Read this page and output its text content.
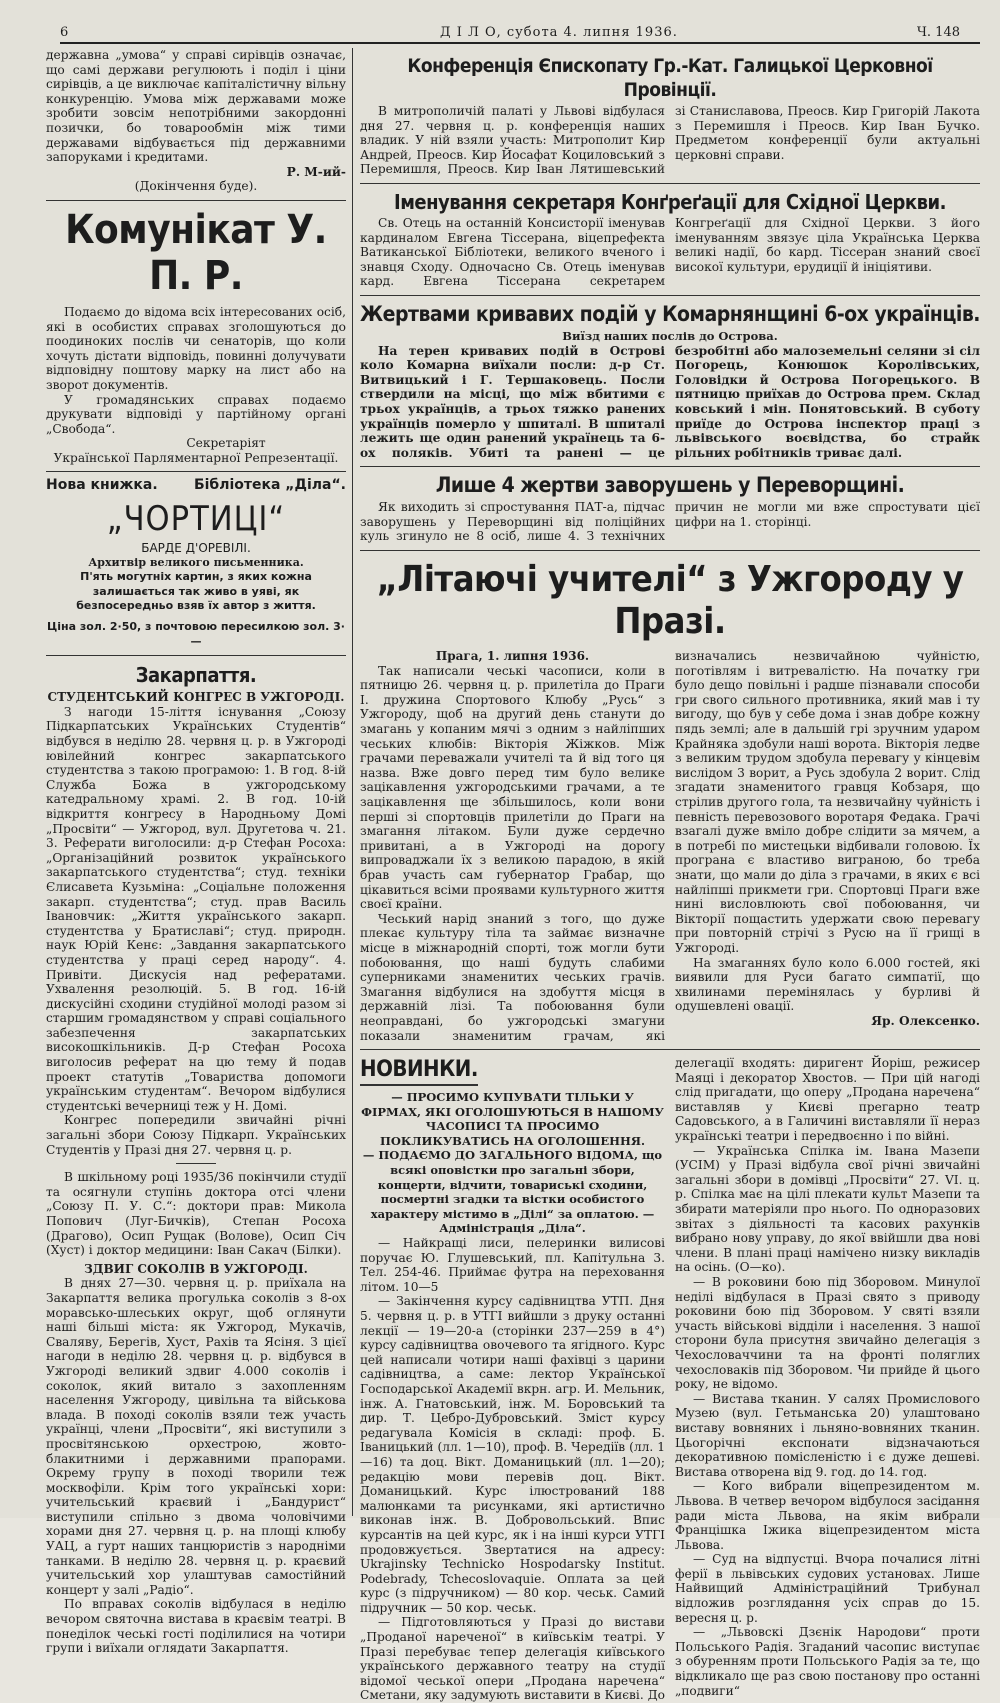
6	Д І Л О, субота 4. липня 1936.	Ч. 148

державна „умова“ у справі сирівців означає, що самі держави регулюють і поділ і ціни сирівців, а це виключає капіталістичну вільну конкуренцію. Умова між державами може зробити зовсім непотрібними закордонні позички, бо товарообмін між тими державами відбувається під державними запоруками і кредитами.

Р. М-ий-

(Докінчення буде).

Комунікат У. П. Р.

Подаємо до відома всіх інтересованих осіб, які в особистих справах зголошуються до поодиноких послів чи сенаторів, що коли хочуть дістати відповідь, повинні долучувати відповідну поштову марку на лист або на зворот документів.

У громадянських справах подаємо друкувати відповіді у партійному органі „Свобода“.

Секретаріят

Української Парляментарної Репрезентації.

Нова книжка.	Бібліотека „Діла“.
„ЧОРТИЦІ“

БАРДЕ Д'ОРЕВІЛІ.

Архитвір великого письменника.

П'ять могутніх картин, з яких кожна залишається так живо в уяві, як безпосередньо взяв їх автор з життя.

Ціна зол. 2·50, з почтовою пересилкою зол. 3·—

Закарпаття.

СТУДЕНТСЬКИЙ КОНГРЕС В УЖГОРОДІ.

З нагоди 15-ліття існування „Союзу Підкарпатських Українських Студентів“ відбувся в неділю 28. червня ц. р. в Ужгороді ювілейний конгрес закарпатського студентства з такою програмою: 1. В год. 8-ій Служба Божа в ужгородському катедральному храмі. 2. В год. 10-ій відкриття конгресу в Народньому Домі „Просвіти“ — Ужгород, вул. Другетова ч. 21. 3. Реферати виголосили: д-р Стефан Росоха: „Організаційний розвиток українського закарпатського студентства“; студ. техніки Єлисавета Кузьміна: „Соціальне положення закарп. студентства“; студ. прав Василь Івановчик: „Життя українського закарп. студентства у Братиславі“; студ. природн. наук Юрій Кенє: „Завдання закарпатського студентства у праці серед народу“. 4. Привіти. Дискусія над рефератами. Ухвалення резолюцій. 5. В год. 16-ій дискусійні сходини студійної молоді разом зі старшим громадянством у справі соціального забезпечення закарпатських високошкільників. Д-р Стефан Росоха виголосив реферат на цю тему й подав проект статутів „Товариства допомоги українським студентам“. Вечором відбулися студентські вечерниці теж у Н. Домі.

Конгрес попередили звичайні річні загальні збори Союзу Підкарп. Українських Студентів у Празі дня 27. червня ц. р.

В шкільному році 1935/36 покінчили студії та осягнули ступінь доктора отсі члени „Союзу П. У. С.“: доктори прав: Микола Попович (Луг-Бичків), Степан Росоха (Драгово), Осип Рущак (Волове), Осип Січ (Хуст) і доктор медицини: Іван Сакач (Білки).

ЗДВИГ СОКОЛІВ В УЖГОРОДІ.

В днях 27—30. червня ц. р. приїхала на Закарпаття велика прогулька соколів з 8-ох моравсько-шлеських округ, щоб оглянути наші більші міста: як Ужгород, Мукачів, Сваляву, Берегів, Хуст, Рахів та Ясіня. З цієї нагоди в неділю 28. червня ц. р. відбувся в Ужгороді великий здвиг 4.000 соколів і соколок, який витало з захопленням населення Ужгороду, цивільна та військова влада. В поході соколів взяли теж участь українці, члени „Просвіти“, які виступили з просвітянською орхестрою, жовто-блакитними і державними прапорами. Окрему групу в поході творили теж москвофіли. Крім того українські хори: учительський краєвий і „Бандурист“ виступили спільно з двома чоловічими хорами дня 27. червня ц. р. на площі клюбу УАЦ, а гурт наших танцюристів з народніми танками. В неділю 28. червня ц. р. краєвий учительський хор улаштував самостійний концерт у залі „Радіо“.

По вправах соколів відбулася в неділю вечором святочна вистава в краєвім театрі. В понеділок чеські гості поділилися на чотири групи і виїхали оглядати Закарпаття.

Конференція Єпископату Гр.-Кат. Галицької Церковної Провінції.

В митрополичій палаті у Львові відбулася дня 27. червня ц. р. конференція наших владик. У ній взяли участь: Митрополит Кир Андрей, Преосв. Кир Йосафат Коциловський з Перемишля, Преосв. Кир Іван Лятишевський зі Станиславова, Преосв. Кир Григорій Лакота з Перемишля і Преосв. Кир Іван Бучко. Предметом конференції були актуальні церковні справи.

Іменування секретаря Конґреґації для Східної Церкви.

Св. Отець на останній Консисторії іменував кардиналом Евгена Тіссерана, віцепрефекта Ватиканської Бібліотеки, великого вченого і знавця Сходу. Одночасно Св. Отець іменував кард. Евгена Тіссерана секретарем Конгреґації для Східної Церкви. З його іменуванням звязує ціла Українська Церква великі надії, бо кард. Тіссеран знаний своєї високої культури, ерудиції й ініціятиви.

Жертвами кривавих подій у Комарнянщині 6-ох українців.

Виїзд наших послів до Острова.

На терен кривавих подій в Острові коло Комарна виїхали посли: д-р Ст. Витвицький і Г. Тершаковець. Посли ствердили на місці, що між вбитими є трьох українців, а трьох тяжко ранених українців померло у шпиталі. В шпиталі лежить ще один ранений українець та 6-ох поляків. Убиті та ранені — це безробітні або малоземельні селяни зі сіл Погорець, Конюшок Королівських, Головідки й Острова Погорецького. В пятницю приїхав до Острова прем. Склад ковський і мін. Понятовський. В суботу приїде до Острова інспектор праці з львівського воєвідства, бо страйк рільних робітників триває далі.

Лише 4 жертви заворушень у Переворщині.

Як виходить зі спростування ПАТ-а, підчас заворушень у Переворщині від поліційних куль згинуло не 8 осіб, лише 4. З технічних причин не могли ми вже спростувати цієї цифри на 1. сторінці.

„Літаючі учителі“ з Ужгороду у Празі.

Прага, 1. липня 1936.

Так написали чеські часописи, коли в пятницю 26. червня ц. р. прилетіла до Праги І. дружина Спортового Клюбу „Русь“ з Ужгороду, щоб на другий день станути до змагань у копаним мячі з одним з найліпших чеських клюбів: Вікторія Жіжков. Між грачами переважали учителі та й від того ця назва. Вже довго перед тим було велике зацікавлення ужгородськими грачами, а те зацікавлення ще збільшилось, коли вони перші зі спортовців прилетіли до Праги на змагання літаком. Були дуже сердечно привитані, а в Ужгороді на дорогу випроваджали їх з великою парадою, в якій брав участь сам губернатор Грабар, що цікавиться всіми проявами культурного життя своєї країни.

Чеський нарід знаний з того, що дуже плекає культуру тіла та займає визначне місце в міжнародній спорті, тож могли бути побоювання, що наші будуть слабими суперниками знаменитих чеських грачів. Змагання відбулися на здобуття місця в державній лізі. Та побоювання були неоправдані, бо ужгородські змагуни показали знаменитим грачам, які визначались незвичайною чуйністю, поготівлям і витревалістю. На початку гри було дещо повільні і радше пізнавали способи гри свого сильного противника, який мав і ту вигоду, що був у себе дома і знав добре кожну пядь землі; але в дальшій грі зручним ударом Крайняка здобули наші ворота. Вікторія ледве з великим трудом здобула перевагу у кінцевім вислідом 3 ворит, а Русь здобула 2 ворит. Слід згадати знаменитого гравця Кобзаря, що стрілив другого гола, та незвичайну чуйність і певність перевозового воротаря Федака. Грачі взагалі дуже вміло добре слідити за мячем, а в потребі по мистецьки відбивали головою. Їх програна є властиво виграною, бо треба знати, що мали до діла з грачами, в яких є всі найліпші прикмети гри. Спортовці Праги вже нині висловлюють свої побоювання, чи Вікторії пощастить удержати свою перевагу при повторній стрічі з Русю на її грищі в Ужгороді.

На змаганнях було коло 6.000 гостей, які виявили для Руси багато симпатії, що хвилинами перемінялась у бурливі й одушевлені овації.

Яр. Олексенко.

НОВИНКИ.

— ПРОСИМО КУПУВАТИ ТІЛЬКИ У ФІРМАХ, ЯКІ ОГОЛОШУЮТЬСЯ В НАШОМУ ЧАСОПИСІ ТА ПРОСИМО ПОКЛИКУВАТИСЬ НА ОГОЛОШЕННЯ.

— ПОДАЄМО ДО ЗАГАЛЬНОГО ВІДОМА, що всякі оповістки про загальні збори, концерти, відчити, товариські сходини, посмертні згадки та вістки особистого характеру містимо в „Ділі“ за оплатою. — Адміністрація „Діла“.

— Найкращі лиси, пелеринки вилисові поручає Ю. Глушевський, пл. Капітульна 3. Тел. 254-46. Приймає футра на переховання літом. 10—5

— Закінчення курсу садівництва УТП. Дня 5. червня ц. р. в УТГІ вийшли з друку останні лекції — 19—20-а (сторінки 237—259 в 4°) курсу садівництва овочевого та ягідного. Курс цей написали чотири наші фахівці з царини садівництва, а саме: лектор Української Господарської Академії вкрн. агр. И. Мельник, інж. А. Гнатовський, інж. М. Боровський та дир. Т. Цебро-Дубровський. Зміст курсу редагувала Комісія в складі: проф. Б. Іваницький (лл. 1—10), проф. В. Чередіїв (лл. 1—16) та доц. Вікт. Доманицький (лл. 1—20); редакцію мови перевів доц. Вікт. Доманицький. Курс ілюстрований 188 малюнками та рисунками, які артистично виконав інж. В. Добровольський. Впис курсантів на цей курс, як і на інші курси УТГІ продовжується. Звертатися на адресу: Ukrajinsky Technicko Hospodarsky Institut. Podebrady, Tchecoslovaquie. Оплата за цей курс (з підручником) — 80 кор. чеськ. Самий підручник — 50 кор. чеськ.

— Підготовляються у Празі до вистави „Проданої нареченої“ в київськім театрі. У Празі перебуває тепер делегація київського українського державного театру на студії відомої чеської опери „Продана наречена“ Сметани, яку задумують виставити в Києві. До делегації входять: диригент Йоріш, режисер Маяці і декоратор Хвостов. — При цій нагоді слід пригадати, що оперу „Продана наречена“ виставляв у Києві прегарно театр Садовського, а в Галичині виставляли її нераз українські театри і передвоєнно і по війні.

— Українська Спілка ім. Івана Мазепи (УСІМ) у Празі відбула свої річні звичайні загальні збори в домівці „Просвіти“ 27. VI. ц. р. Спілка має на цілі плекати культ Мазепи та збирати матеріяли про нього. По одноразових звітах з діяльності та касових рахунків вибрано нову управу, до якої ввійшли два нові члени. В плані праці намічено низку викладів на осінь. (О—ко).

— В роковини бою під Зборовом. Минулої неділі відбулася в Празі свято з приводу роковини бою під Зборовом. У святі взяли участь військові відділи і населення. З нашої сторони була присутня звичайно делегація з Чехословаччини та на фронті поляглих чехословаків під Зборовом. Чи прийде й цього року, не відомо.

— Вистава тканин. У салях Промислового Музею (вул. Гетьманська 20) улаштовано виставу вовняних і льняно-вовняних тканин. Цьогорічні експонати відзначаються декоративною помісленістю і є дуже дешеві. Вистава отворена від 9. год. до 14. год.

— Кого вибрали віцепрезидентом м. Львова. В четвер вечором відбулося засідання ради міста Львова, на якім вибрали Францішка Іжика віцепрезидентом міста Львова.

— Суд на відпустці. Вчора почалися літні ферії в львівських судових установах. Лише Найвищий Адміністраційний Трибунал відложив розглядання усіх справ до 15. вересня ц. р.

— „Львовскі Дзєнік Народови“ проти Польського Радія. Згаданий часопис виступає з обуренням проти Польського Радія за те, що відкликало ще раз свою постанову про останні „подвиги“
